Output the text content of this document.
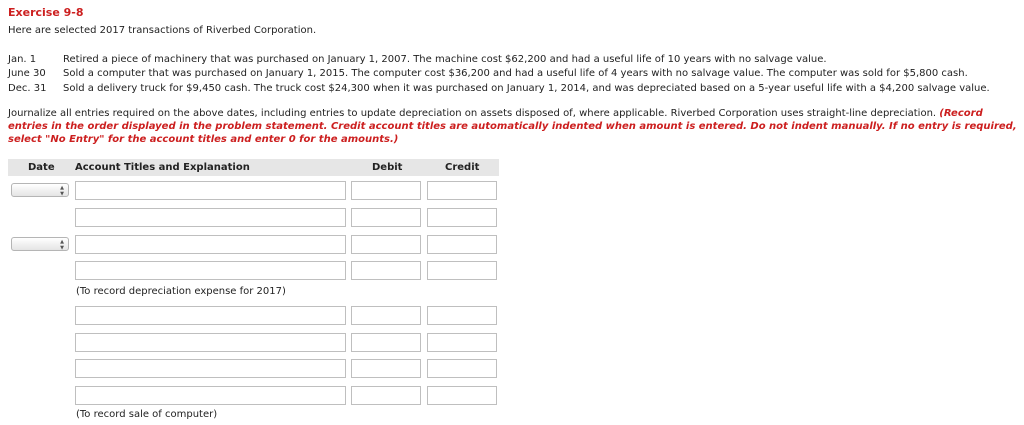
Exercise 9-8
Here are selected 2017 transactions of Riverbed Corporation.
Jan. 1	Retired a piece of machinery that was purchased on January 1, 2007. The machine cost $62,200 and had a useful life of 10 years with no salvage value.
June 30 Sold a computer that was purchased on January 1, 2015. The computer cost $36,200 and had a useful life of 4 years with no salvage value. The computer was sold for $5,800 cash.
Dec. 31 Sold a delivery truck for $9,450 cash. The truck cost $24,300 when it was purchased on January 1, 2014, and was depreciated based on a 5-year useful life with a $4,200 salvage value.
Journalize all entries required on the above dates, including entries to update depreciation on assets disposed of, where applicable. Riverbed Corporation uses straight-line depreciation. (Record entries in the order displayed in the problem statement. Credit account titles are automatically indented when amount is entered. Do not indent manually. If no entry is required, select "No Entry" for the account titles and enter 0 for the amounts.)
Date Account Titles and Explanation	Debit	Credit
▲
▼
▲
▼
(To record depreciation expense for 2017)
(To record sale of computer)
